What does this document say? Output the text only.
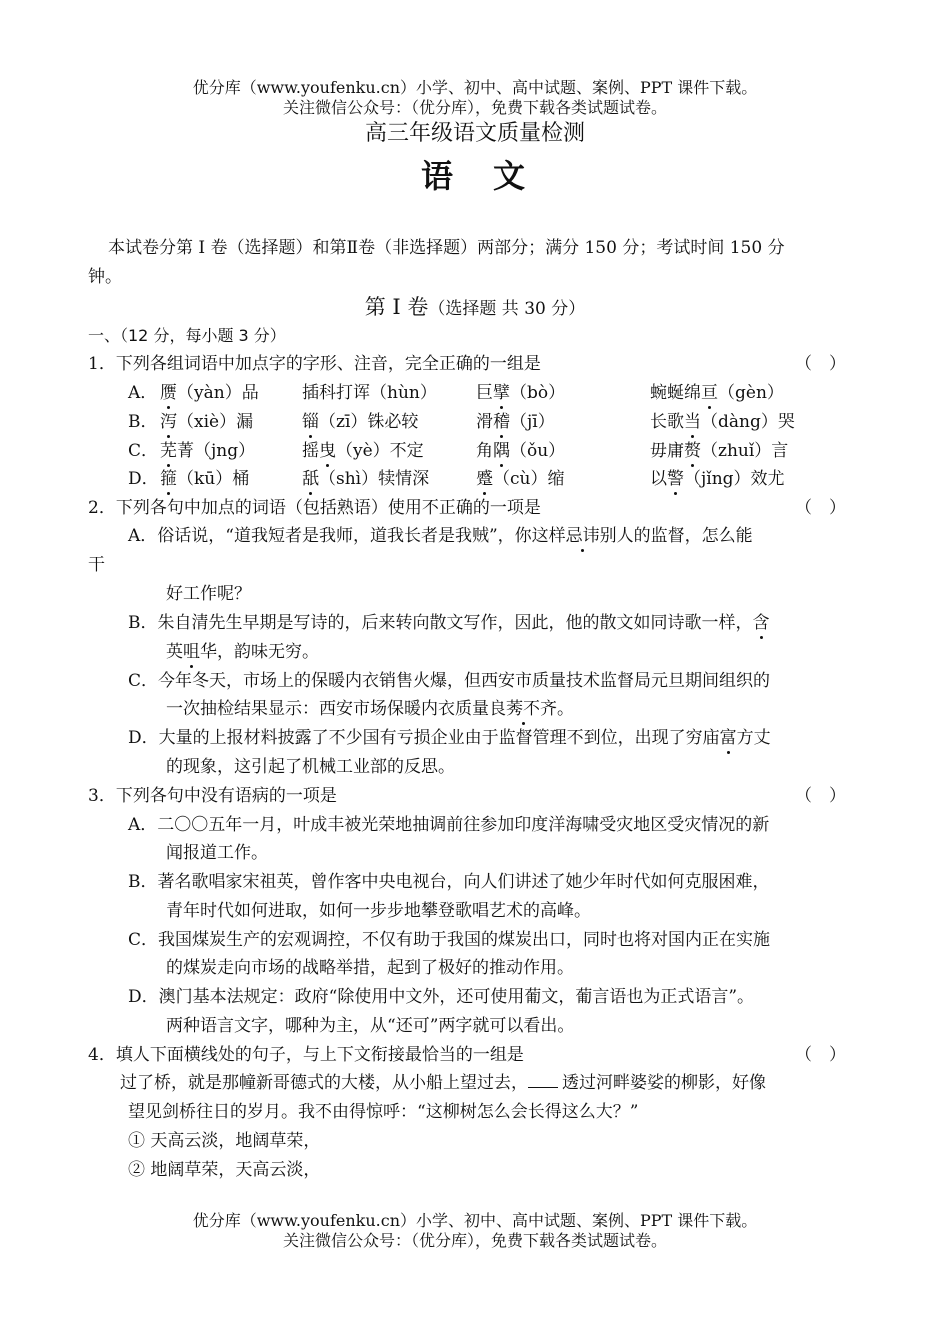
优分库（www.youfenku.cn）小学、初中、高中试题、案例、PPT 课件下载。
关注微信公众号：（优分库），免费下载各类试题试卷。
高三年级语文质量检测
语　文
本试卷分第 I 卷（选择题）和第Ⅱ卷（非选择题）两部分；满分 150 分；考试时间 150 分
钟。
第 I 卷（选择题 共 30 分）
一、（12 分，每小题 3 分）
1．下列各组词语中加点字的字形、注音，完全正确的一组是	（　）
A． 赝（yàn）品	插科打诨（hùn） 巨擘（bò）	蜿蜒绵亘（gèn）
B． 泻（xiè）漏	锱（zī）铢必较	滑稽（jī）	长歌当（dàng）哭
C． 芜菁（jng）	摇曳（yè）不定	角隅（ǒu）	毋庸赘（zhuǐ）言
D． 箍（kū）桶	舐（shì）犊情深	蹙（cù）缩	以警（jǐng）效尤
2．下列各句中加点的词语（包括熟语）使用不正确的一项是	（　）
A．俗话说，“道我短者是我师，道我长者是我贼”，你这样忌讳别人的监督，怎么能
干
好工作呢？
B．朱自清先生早期是写诗的，后来转向散文写作，因此，他的散文如同诗歌一样，含
英咀华，韵味无穷。
C．今年冬天，市场上的保暖内衣销售火爆，但西安市质量技术监督局元旦期间组织的
一次抽检结果显示：西安市场保暖内衣质量良莠不齐。
D．大量的上报材料披露了不少国有亏损企业由于监督管理不到位，出现了穷庙富方丈
的现象，这引起了机械工业部的反思。
3．下列各句中没有语病的一项是	（　）
A．二〇〇五年一月，叶成丰被光荣地抽调前往参加印度洋海啸受灾地区受灾情况的新
闻报道工作。
B．著名歌唱家宋祖英，曾作客中央电视台，向人们讲述了她少年时代如何克服困难，
青年时代如何进取，如何一步步地攀登歌唱艺术的高峰。
C．我国煤炭生产的宏观调控，不仅有助于我国的煤炭出口，同时也将对国内正在实施
的煤炭走向市场的战略举措，起到了极好的推动作用。
D．澳门基本法规定：政府“除使用中文外，还可使用葡文，葡言语也为正式语言”。
两种语言文字，哪种为主，从“还可”两字就可以看出。
4．填人下面横线处的句子，与上下文衔接最恰当的一组是	（　）
过了桥，就是那幢新哥德式的大楼，从小船上望过去， 透过河畔婆娑的柳影，好像
望见剑桥往日的岁月。我不由得惊呼：“这柳树怎么会长得这么大？”
① 天高云淡，地阔草荣，
② 地阔草荣，天高云淡，
优分库（www.youfenku.cn）小学、初中、高中试题、案例、PPT 课件下载。
关注微信公众号：（优分库），免费下载各类试题试卷。
